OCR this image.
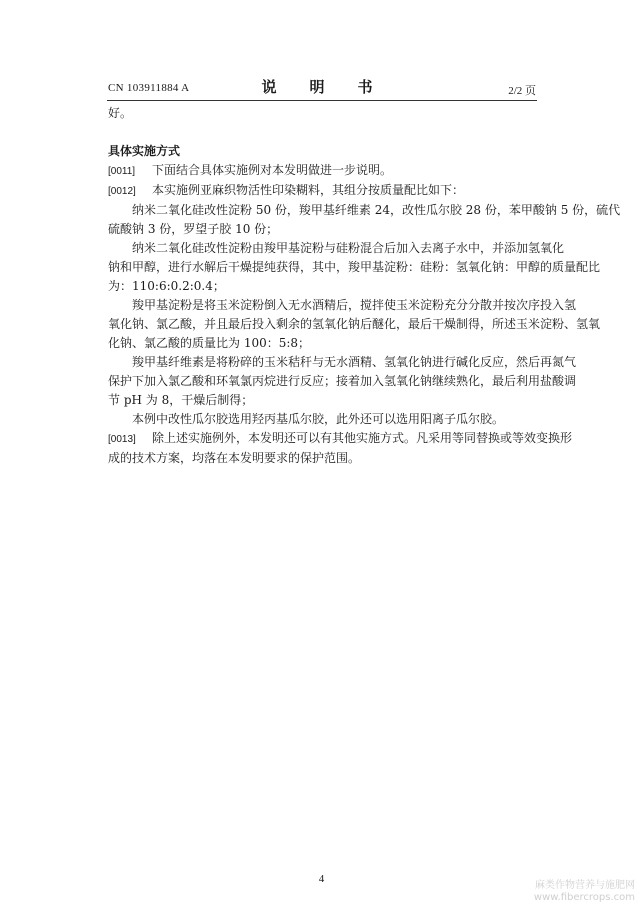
CN 103911884 A	说　明　书	2/2 页

好。

具体实施方式

[0011] 下面结合具体实施例对本发明做进一步说明。

[0012] 本实施例亚麻织物活性印染糊料，其组分按质量配比如下：

纳米二氧化硅改性淀粉 50 份，羧甲基纤维素 24，改性瓜尔胶 28 份，苯甲酸钠 5 份，硫代
硫酸钠 3 份，罗望子胶 10 份；

纳米二氧化硅改性淀粉由羧甲基淀粉与硅粉混合后加入去离子水中，并添加氢氧化
钠和甲醇，进行水解后干燥提纯获得，其中，羧甲基淀粉：硅粉：氢氧化钠：甲醇的质量配比
为：110:6:0.2:0.4；

羧甲基淀粉是将玉米淀粉倒入无水酒精后，搅拌使玉米淀粉充分分散并按次序投入氢
氧化钠、氯乙酸，并且最后投入剩余的氢氧化钠后醚化，最后干燥制得，所述玉米淀粉、氢氧
化钠、氯乙酸的质量比为 100：5:8；

羧甲基纤维素是将粉碎的玉米秸秆与无水酒精、氢氧化钠进行碱化反应，然后再氮气
保护下加入氯乙酸和环氧氯丙烷进行反应；接着加入氢氧化钠继续熟化，最后利用盐酸调
节 pH 为 8，干燥后制得；

本例中改性瓜尔胶选用羟丙基瓜尔胶，此外还可以选用阳离子瓜尔胶。

[0013] 除上述实施例外，本发明还可以有其他实施方式。凡采用等同替换或等效变换形
成的技术方案，均落在本发明要求的保护范围。

4
麻类作物营养与施肥网
www.fibercrops.com
